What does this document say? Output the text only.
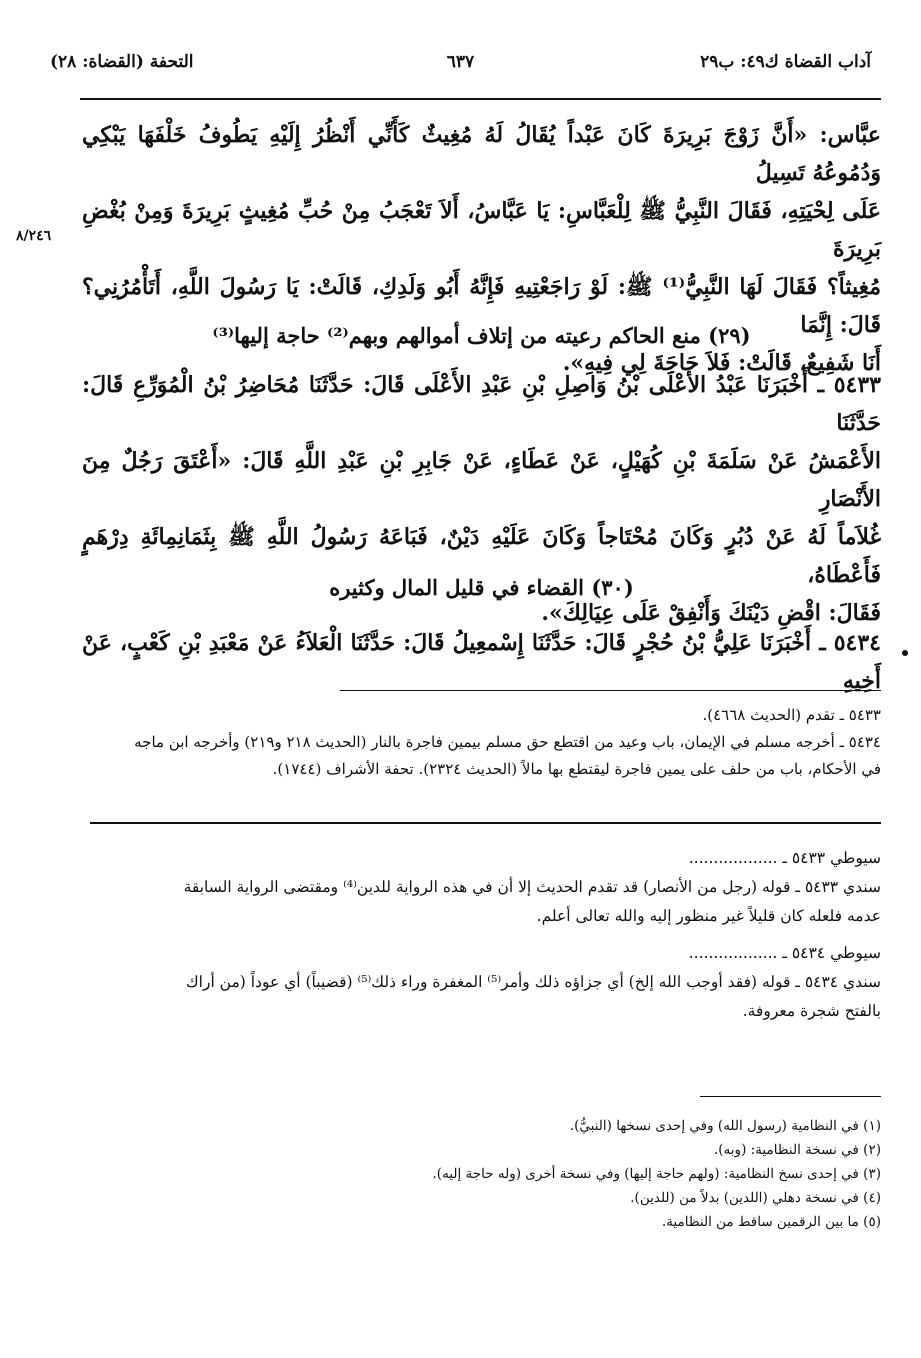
آداب القضاة ك٤٩: ب٢٩
٦٣٧
التحفة (القضاة: ٢٨)
٨/٢٤٦

عبَّاس: «أَنَّ زَوْجَ بَرِيرَةَ كَانَ عَبْداً يُقَالُ لَهُ مُغِيثٌ كَأَنِّي أَنْظُرُ إِلَيْهِ يَطُوفُ خَلْفَهَا يَبْكِي وَدُمُوعُهُ تَسِيلُ

عَلَى لِحْيَتِهِ، فَقَالَ النَّبِيُّ ﷺ لِلْعَبَّاسِ: يَا عَبَّاسُ، أَلاَ تَعْجَبُ مِنْ حُبِّ مُغِيثٍ بَرِيرَةَ وَمِنْ بُغْضِ بَرِيرَةَ

مُغِيثاً؟ فَقَالَ لَهَا النَّبِيُّ⁽¹⁾ ﷺ: لَوْ رَاجَعْتِيهِ فَإِنَّهُ أَبُو وَلَدِكِ، قَالَتْ: يَا رَسُولَ اللَّهِ، أَتَأْمُرُنِي؟ قَالَ: إِنَّمَا

أَنَا شَفِيعٌ، قَالَتْ: فَلاَ حَاجَةَ لِي فِيهِ».

(٢٩) منع الحاكم رعيته من إتلاف أموالهم وبهم⁽²⁾ حاجة إليها⁽³⁾

٥٤٣٣ ـ أَخْبَرَنَا عَبْدُ الأَعْلَى بْنُ وَاصِلِ بْنِ عَبْدِ الأَعْلَى قَالَ: حَدَّثَنَا مُحَاضِرُ بْنُ الْمُوَرِّعِ قَالَ: حَدَّثَنَا

الأَعْمَشُ عَنْ سَلَمَةَ بْنِ كُهَيْلٍ، عَنْ عَطَاءٍ، عَنْ جَابِرِ بْنِ عَبْدِ اللَّهِ قَالَ: «أَعْتَقَ رَجُلٌ مِنَ الأَنْصَارِ

غُلاَماً لَهُ عَنْ دُبُرٍ وَكَانَ مُحْتَاجاً وَكَانَ عَلَيْهِ دَيْنٌ، فَبَاعَهُ رَسُولُ اللَّهِ ﷺ بِثَمَانِمِائَةِ دِرْهَمٍ فَأَعْطَاهُ،

فَقَالَ: اقْضِ دَيْنَكَ وَأَنْفِقْ عَلَى عِيَالِكَ».

(٣٠) القضاء في قليل المال وكثيره

٥٤٣٤ ـ أَخْبَرَنَا عَلِيُّ بْنُ حُجْرٍ قَالَ: حَدَّثَنَا إِسْمعِيلُ قَالَ: حَدَّثَنَا الْعَلاَءُ عَنْ مَعْبَدِ بْنِ كَعْبٍ، عَنْ أَخِيهِ

٥٤٣٣ ـ تقدم (الحديث ٤٦٦٨).

٥٤٣٤ ـ أخرجه مسلم في الإيمان، باب وعيد من اقتطع حق مسلم بيمين فاجرة بالنار (الحديث ٢١٨ و٢١٩) وأخرجه ابن ماجه

في الأحكام، باب من حلف على يمين فاجرة ليقتطع بها مالاً (الحديث ٢٣٢٤). تحفة الأشراف (١٧٤٤).

سيوطي ٥٤٣٣ ـ ..................

سندي ٥٤٣٣ ـ قوله (رجل من الأنصار) قد تقدم الحديث إلا أن في هذه الرواية للدين⁽⁴⁾ ومقتضى الرواية السابقة

عدمه فلعله كان قليلاً غير منظور إليه والله تعالى أعلم.

سيوطي ٥٤٣٤ ـ ..................

سندي ٥٤٣٤ ـ قوله (فقد أوجب الله إلخ) أي جزاؤه ذلك وأمر⁽⁵⁾ المغفرة وراء ذلك⁽⁵⁾ (قضيباً) أي عوداً (من أراك

بالفتح شجرة معروفة.

(١) في النظامية (رسول الله) وفي إحدى نسخها (النبيُّ).

(٢) في نسخة النظامية: (وبه).

(٣) في إحدى نسخ النظامية: (ولهم حاجة إليها) وفي نسخة أخرى (وله حاجة إليه).

(٤) في نسخة دهلي (اللدين) بدلاً من (للدين).

(٥) ما بين الرقمين ساقط من النظامية.
